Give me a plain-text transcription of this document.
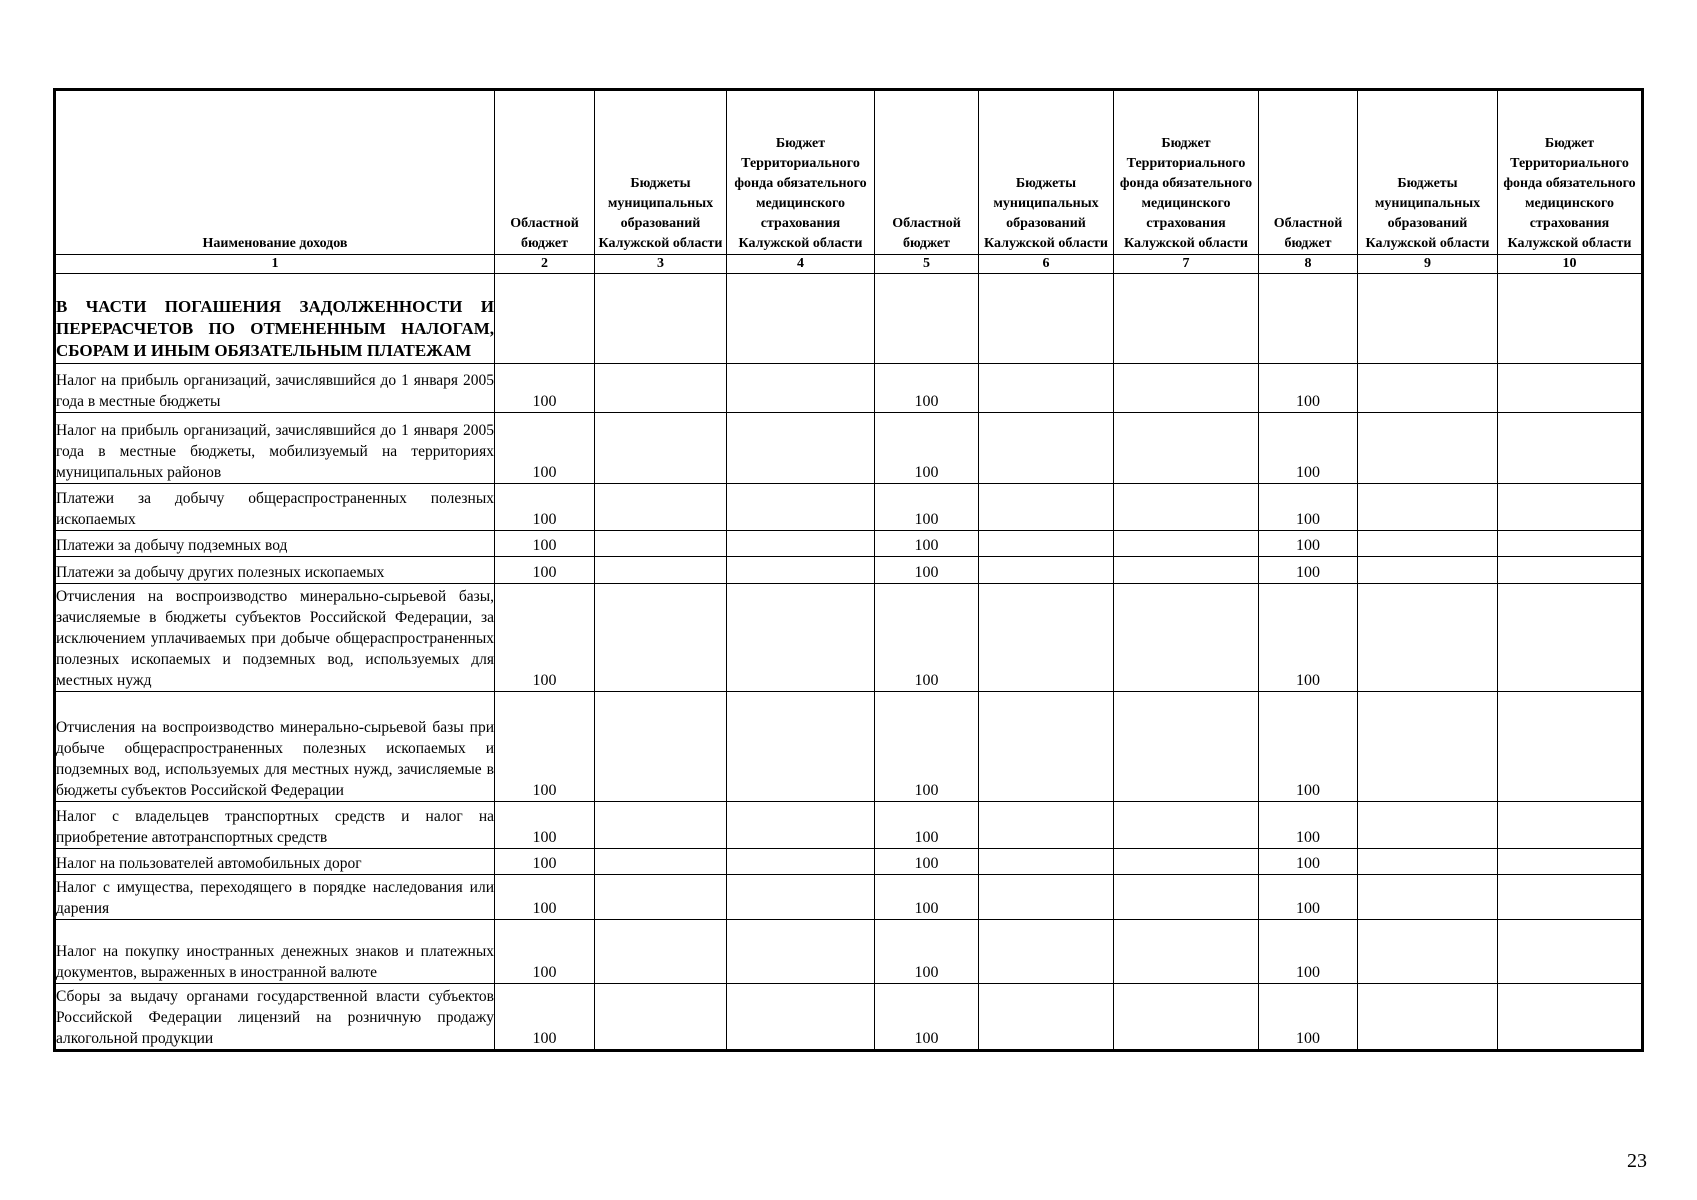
Наименование доходов	Областной бюджет	Бюджеты муниципальных образований Калужской области	Бюджет Территориального фонда обязательного медицинского страхования Калужской области	Областной бюджет	Бюджеты муниципальных образований Калужской области	Бюджет Территориального фонда обязательного медицинского страхования Калужской области	Областной бюджет	Бюджеты муниципальных образований Калужской области	Бюджет Территориального фонда обязательного медицинского страхования Калужской области
1	2	3	4	5	6	7	8	9	10
В ЧАСТИ ПОГАШЕНИЯ ЗАДОЛЖЕННОСТИ И ПЕРЕРАСЧЕТОВ ПО ОТМЕНЕННЫМ НАЛОГАМ, СБОРАМ И ИНЫМ ОБЯЗАТЕЛЬНЫМ ПЛАТЕЖАМ									
Налог на прибыль организаций, зачислявшийся до 1 января 2005 года в местные бюджеты	100			100			100		
Налог на прибыль организаций, зачислявшийся до 1 января 2005 года в местные бюджеты, мобилизуемый на территориях муниципальных районов	100			100			100		
Платежи за добычу общераспространенных полезных ископаемых	100			100			100		
Платежи за добычу подземных вод	100			100			100		
Платежи за добычу других полезных ископаемых	100			100			100		
Отчисления на воспроизводство минерально-сырьевой базы, зачисляемые в бюджеты субъектов Российской Федерации, за исключением уплачиваемых при добыче общераспространенных полезных ископаемых и подземных вод, используемых для местных нужд	100			100			100		
Отчисления на воспроизводство минерально-сырьевой базы при добыче общераспространенных полезных ископаемых и подземных вод, используемых для местных нужд, зачисляемые в бюджеты субъектов Российской Федерации	100			100			100		
Налог с владельцев транспортных средств и налог на приобретение автотранспортных средств	100			100			100		
Налог на пользователей автомобильных дорог	100			100			100		
Налог с имущества, переходящего в порядке наследования или дарения	100			100			100		
Налог на покупку иностранных денежных знаков и платежных документов, выраженных в иностранной валюте	100			100			100		
Сборы за выдачу органами государственной власти субъектов Российской Федерации лицензий на розничную продажу алкогольной продукции	100			100			100		
23
